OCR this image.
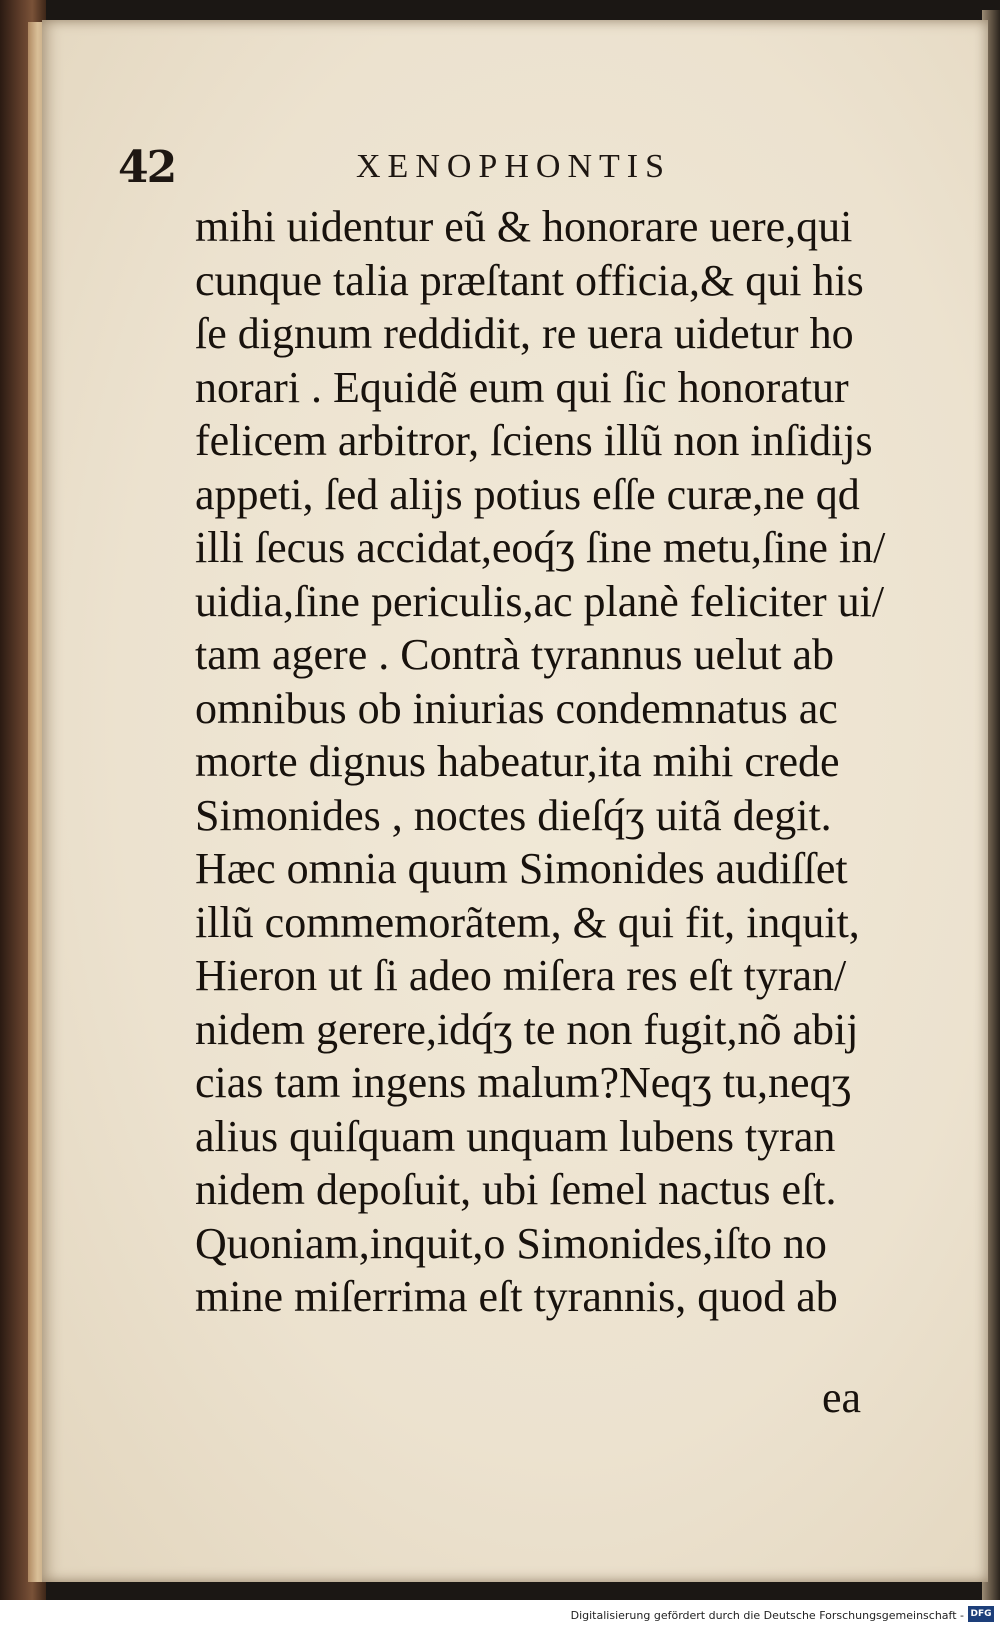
42	XENOPHONTIS
mihi uidentur eũ & honorare uere,qui
cunque talia præſtant officia,& qui his
ſe dignum reddidit, re uera uidetur ho
norari . Equidẽ eum qui ſic honoratur
felicem arbitror, ſciens illũ non inſidijs
appeti, ſed alijs potius eſſe curæ,ne qd
illi ſecus accidat,eoq́ʒ ſine metu,ſine in/
uidia,ſine periculis,ac planè feliciter ui/
tam agere . Contrà tyrannus uelut ab
omnibus ob iniurias condemnatus ac
morte dignus habeatur,ita mihi crede
Simonides , noctes dieſq́ʒ uitã degit.
Hæc omnia quum Simonides audiſſet
illũ commemorãtem, & qui fit, inquit,
Hieron ut ſi adeo miſera res eſt tyran/
nidem gerere,idq́ʒ te non fugit,nõ abij
cias tam ingens malum?Neqʒ tu,neqʒ
alius quiſquam unquam lubens tyran
nidem depoſuit, ubi ſemel nactus eſt.
Quoniam,inquit,o Simonides,iſto no
mine miſerrima eſt tyrannis, quod ab
ea
Digitalisierung gefördert durch die Deutsche Forschungsgemeinschaft - DFG
